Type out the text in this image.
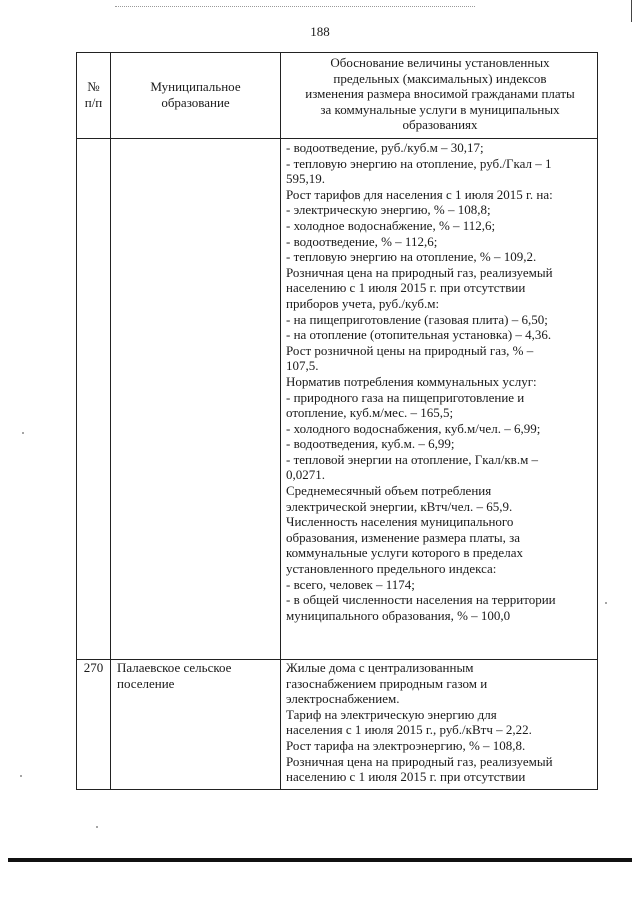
188
№
п/п
Муниципальное
образование
Обоснование величины установленных
предельных (максимальных) индексов
изменения размера вносимой гражданами платы
за коммунальные услуги в муниципальных
образованиях
- водоотведение, руб./куб.м – 30,17;
- тепловую энергию на отопление, руб./Гкал – 1
595,19.
Рост тарифов для населения с 1 июля 2015 г. на:
- электрическую энергию, % – 108,8;
- холодное водоснабжение, % – 112,6;
- водоотведение, % – 112,6;
- тепловую энергию на отопление, % – 109,2.
Розничная цена на природный газ, реализуемый
населению с 1 июля 2015 г. при отсутствии
приборов учета, руб./куб.м:
- на пищеприготовление (газовая плита) – 6,50;
- на отопление (отопительная установка) – 4,36.
Рост розничной цены на природный газ, % –
107,5.
Норматив потребления коммунальных услуг:
- природного газа на пищеприготовление и
отопление, куб.м/мес. – 165,5;
- холодного водоснабжения, куб.м/чел. – 6,99;
- водоотведения, куб.м. – 6,99;
- тепловой энергии на отопление, Гкал/кв.м –
0,0271.
Среднемесячный объем потребления
электрической энергии, кВтч/чел. – 65,9.
Численность населения муниципального
образования, изменение размера платы, за
коммунальные услуги которого в пределах
установленного предельного индекса:
- всего, человек – 1174;
- в общей численности населения на территории
муниципального образования, % – 100,0
270	Палаевское сельское
поселение
Жилые дома с централизованным
газоснабжением природным газом и
электроснабжением.
Тариф на электрическую энергию для
населения с 1 июля 2015 г., руб./кВтч – 2,22.
Рост тарифа на электроэнергию, % – 108,8.
Розничная цена на природный газ, реализуемый
населению с 1 июля 2015 г. при отсутствии
